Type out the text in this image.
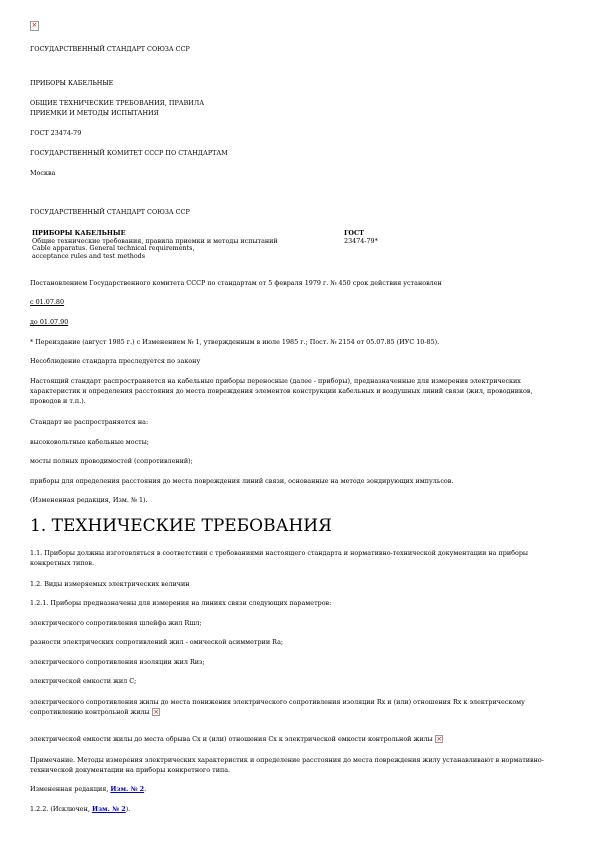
×
ГОСУДАРСТВЕННЫЙ СТАНДАРТ СОЮЗА ССР
ПРИБОРЫ КАБЕЛЬНЫЕ
ОБЩИЕ ТЕХНИЧЕСКИЕ ТРЕБОВАНИЯ, ПРАВИЛА
ПРИЕМКИ И МЕТОДЫ ИСПЫТАНИЯ
ГОСТ 23474-79
ГОСУДАРСТВЕННЫЙ КОМИТЕТ СССР ПО СТАНДАРТАМ
Москва
ГОСУДАРСТВЕННЫЙ СТАНДАРТ СОЮЗА ССР
ПРИБОРЫ КАБЕЛЬНЫЕ
Общие технические требования, правила приемки и методы испытаний
Cable apparatus. General technical requirements,
acceptance rules and test methods
ГОСТ
23474-79*
Постановлением Государственного комитета СССР по стандартам от 5 февраля 1979 г. № 450 срок действия установлен
с 01.07.80
до 01.07.90
* Переиздание (август 1985 г.) с Изменением № 1, утвержденным в июле 1985 г.; Пост. № 2154 от 05.07.85 (ИУС 10-85).
Несоблюдение стандарта преследуется по закону
Настоящий стандарт распространяется на кабельные приборы переносные (далее - приборы), предназначенные для измерения электрических характеристик и определения расстояния до места повреждения элементов конструкции кабельных и воздушных линий связи (жил, проводников, проводов и т.п.).
Стандарт не распространяется на:
высоковольтные кабельные мосты;
мосты полных проводимостей (сопротивлений);
приборы для определения расстояния до места повреждения линий связи, основанные на методе зондирующих импульсов.
(Измененная редакция, Изм. № 1).
1. ТЕХНИЧЕСКИЕ ТРЕБОВАНИЯ
1.1. Приборы должны изготовляться в соответствии с требованиями настоящего стандарта и нормативно-технической документации на приборы конкретных типов.
1.2. Виды измеряемых электрических величин
1.2.1. Приборы предназначены для измерения на линиях связи следующих параметров:
электрического сопротивления шлейфа жил Rшл;
разности электрических сопротивлений жил - омической асимметрии Ra;
электрического сопротивления изоляции жил Rиз;
электрической емкости жил С;
электрического сопротивления жилы до места понижения электрического сопротивления изоляции Rх и (или) отношения Rх к электрическому сопротивлению контрольной жилы×
электрической емкости жилы до места обрыва Cх и (или) отношения Cх к электрической емкости контрольной жилы×
Примечание. Методы измерения электрических характеристик и определение расстояния до места повреждения жилу устанавливают в нормативно-технической документации на приборы конкретного типа.
Измененная редакция, Изм. № 2.
1.2.2. (Исключен, Изм. № 2).
